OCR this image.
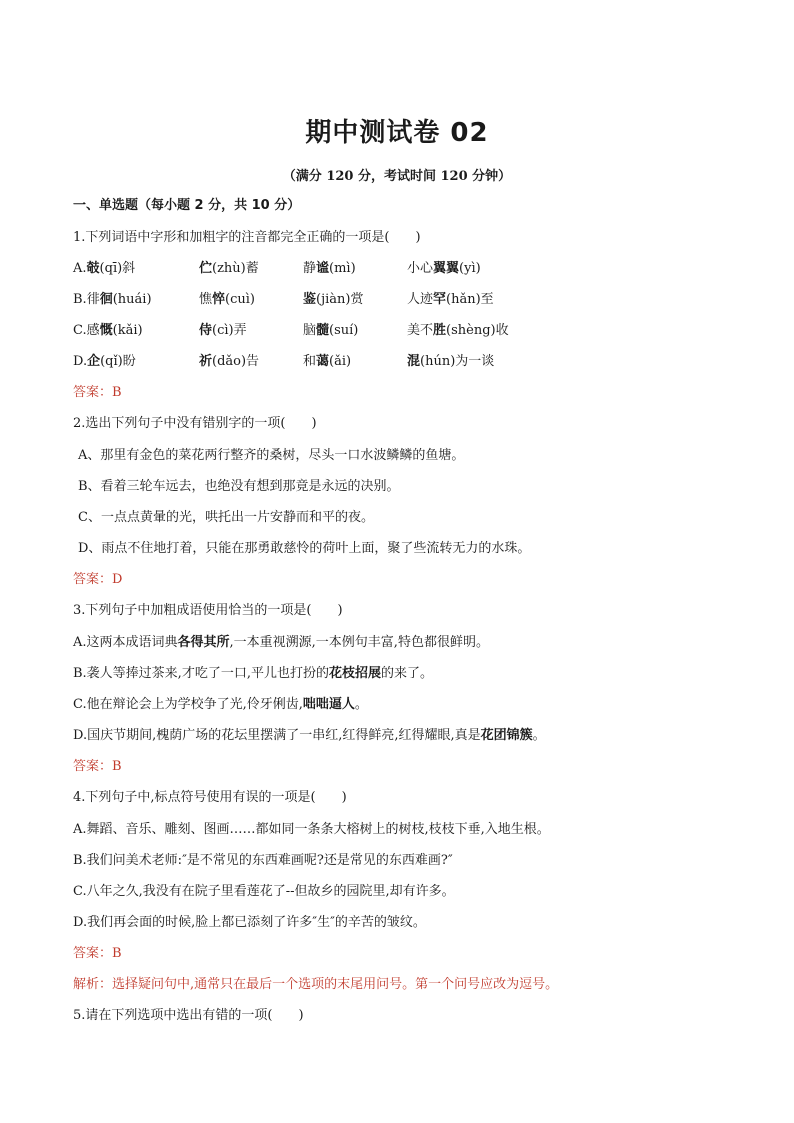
期中测试卷 02

（满分 120 分，考试时间 120 分钟）

一、单选题（每小题 2 分，共 10 分）

1.下列词语中字形和加粗字的注音都完全正确的一项是(　　)

A.攲(qī)斜	伫(zhù)蓄	静谧(mì)	小心翼翼(yì)
B.徘徊(huái)	憔悴(cuì)	鉴(jiàn)赏	人迹罕(hǎn)至
C.感慨(kǎi)	侍(cì)弄	脑髓(suí)	美不胜(shèng)收
D.企(qǐ)盼	祈(dǎo)告	和蔼(ǎi)	混(hún)为一谈

答案：B

2.选出下列句子中没有错别字的一项(　　)

A、那里有金色的菜花两行整齐的桑树，尽头一口水波鳞鳞的鱼塘。

B、看着三轮车远去，也绝没有想到那竟是永远的决别。

C、一点点黄暈的光，哄托出一片安静而和平的夜。

D、雨点不住地打着，只能在那勇敢慈怜的荷叶上面，聚了些流转无力的水珠。

答案：D

3.下列句子中加粗成语使用恰当的一项是(　　)

A.这两本成语词典各得其所,一本重视溯源,一本例句丰富,特色都很鲜明。

B.袭人等捧过茶来,才吃了一口,平儿也打扮的花枝招展的来了。

C.他在辩论会上为学校争了光,伶牙俐齿,咄咄逼人。

D.国庆节期间,槐荫广场的花坛里摆满了一串红,红得鲜亮,红得耀眼,真是花团锦簇。

答案：B

4.下列句子中,标点符号使用有误的一项是(　　)

A.舞蹈、音乐、雕刻、图画……都如同一条条大榕树上的树枝,枝枝下垂,入地生根。

B.我们问美术老师:″是不常见的东西难画呢?还是常见的东西难画?″

C.八年之久,我没有在院子里看莲花了--但故乡的园院里,却有许多。

D.我们再会面的时候,脸上都已添刻了许多″生″的辛苦的皱纹。

答案：B

解析：选择疑问句中,通常只在最后一个选项的末尾用问号。第一个问号应改为逗号。

5.请在下列选项中选出有错的一项(　　)
